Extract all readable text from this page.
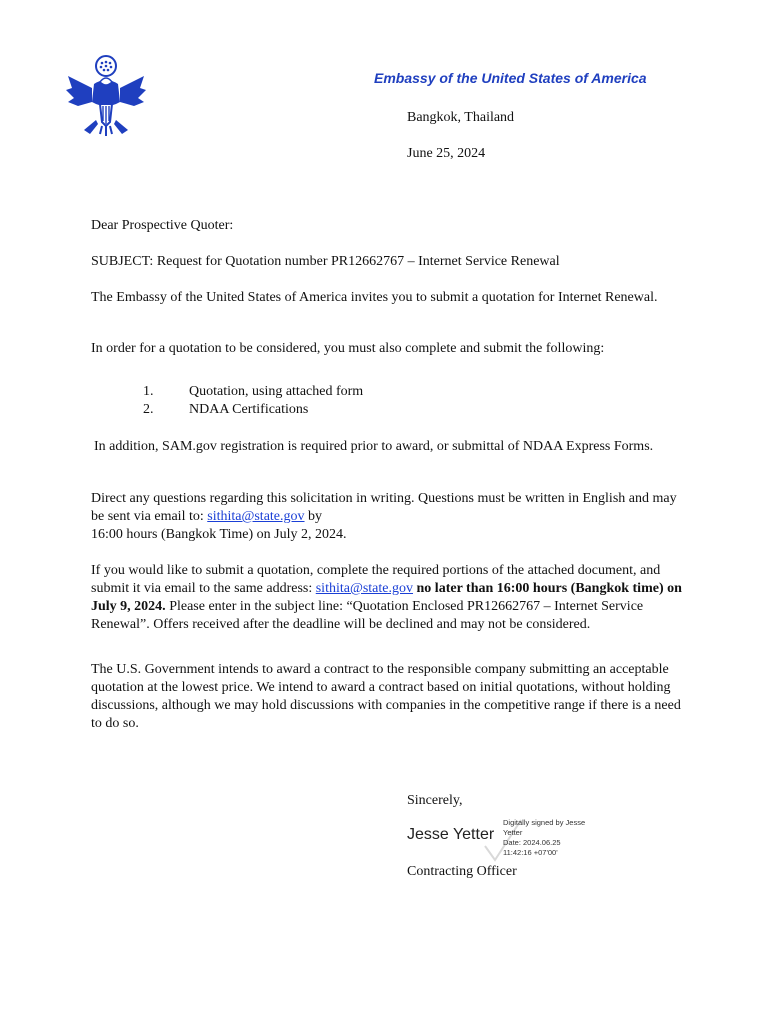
Embassy of the United States of America
Bangkok, Thailand
June 25, 2024

Dear Prospective Quoter:

SUBJECT: Request for Quotation number PR12662767 – Internet Service Renewal

The Embassy of the United States of America invites you to submit a quotation for Internet Renewal.

In order for a quotation to be considered, you must also complete and submit the following:

1.	Quotation, using attached form
2.	NDAA Certifications

In addition, SAM.gov registration is required prior to award, or submittal of NDAA Express Forms.

Direct any questions regarding this solicitation in writing. Questions must be written in English and may be sent via email to: sithita@state.gov by
16:00 hours (Bangkok Time) on July 2, 2024.

If you would like to submit a quotation, complete the required portions of the attached document, and submit it via email to the same address: sithita@state.gov no later than 16:00 hours (Bangkok time) on July 9, 2024. Please enter in the subject line: “Quotation Enclosed PR12662767 – Internet Service Renewal”. Offers received after the deadline will be declined and may not be considered.

The U.S. Government intends to award a contract to the responsible company submitting an acceptable quotation at the lowest price. We intend to award a contract based on initial quotations, without holding discussions, although we may hold discussions with companies in the competitive range if there is a need to do so.

Sincerely,
Jesse Yetter
Digitally signed by Jesse
Yetter
Date: 2024.06.25
11:42:16 +07'00'
Contracting Officer
